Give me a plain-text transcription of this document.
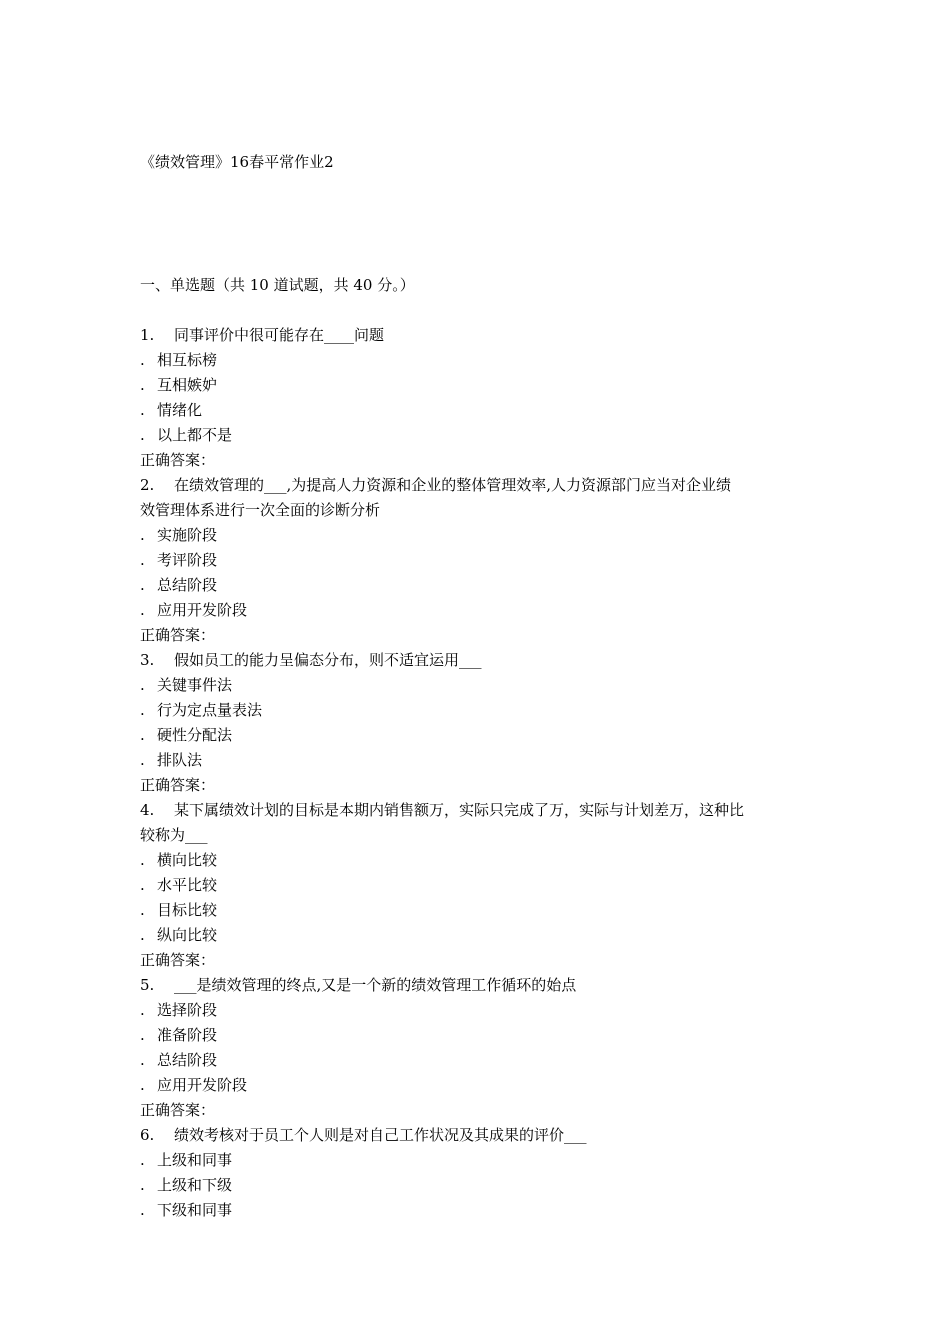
《绩效管理》16春平常作业2
一、单选题（共 10 道试题，共 40 分。）
1.	同事评价中很可能存在____问题
. 相互标榜
. 互相嫉妒
. 情绪化
. 以上都不是
正确答案：
2.	在绩效管理的___,为提高人力资源和企业的整体管理效率,人力资源部门应当对企业绩
效管理体系进行一次全面的诊断分析
. 实施阶段
. 考评阶段
. 总结阶段
. 应用开发阶段
正确答案：
3.	假如员工的能力呈偏态分布，则不适宜运用___
. 关键事件法
. 行为定点量表法
. 硬性分配法
. 排队法
正确答案：
4.	某下属绩效计划的目标是本期内销售额万，实际只完成了万，实际与计划差万，这种比
较称为___
. 横向比较
. 水平比较
. 目标比较
. 纵向比较
正确答案：
5.	___是绩效管理的终点,又是一个新的绩效管理工作循环的始点
. 选择阶段
. 准备阶段
. 总结阶段
. 应用开发阶段
正确答案：
6.	绩效考核对于员工个人则是对自己工作状况及其成果的评价___
. 上级和同事
. 上级和下级
. 下级和同事
